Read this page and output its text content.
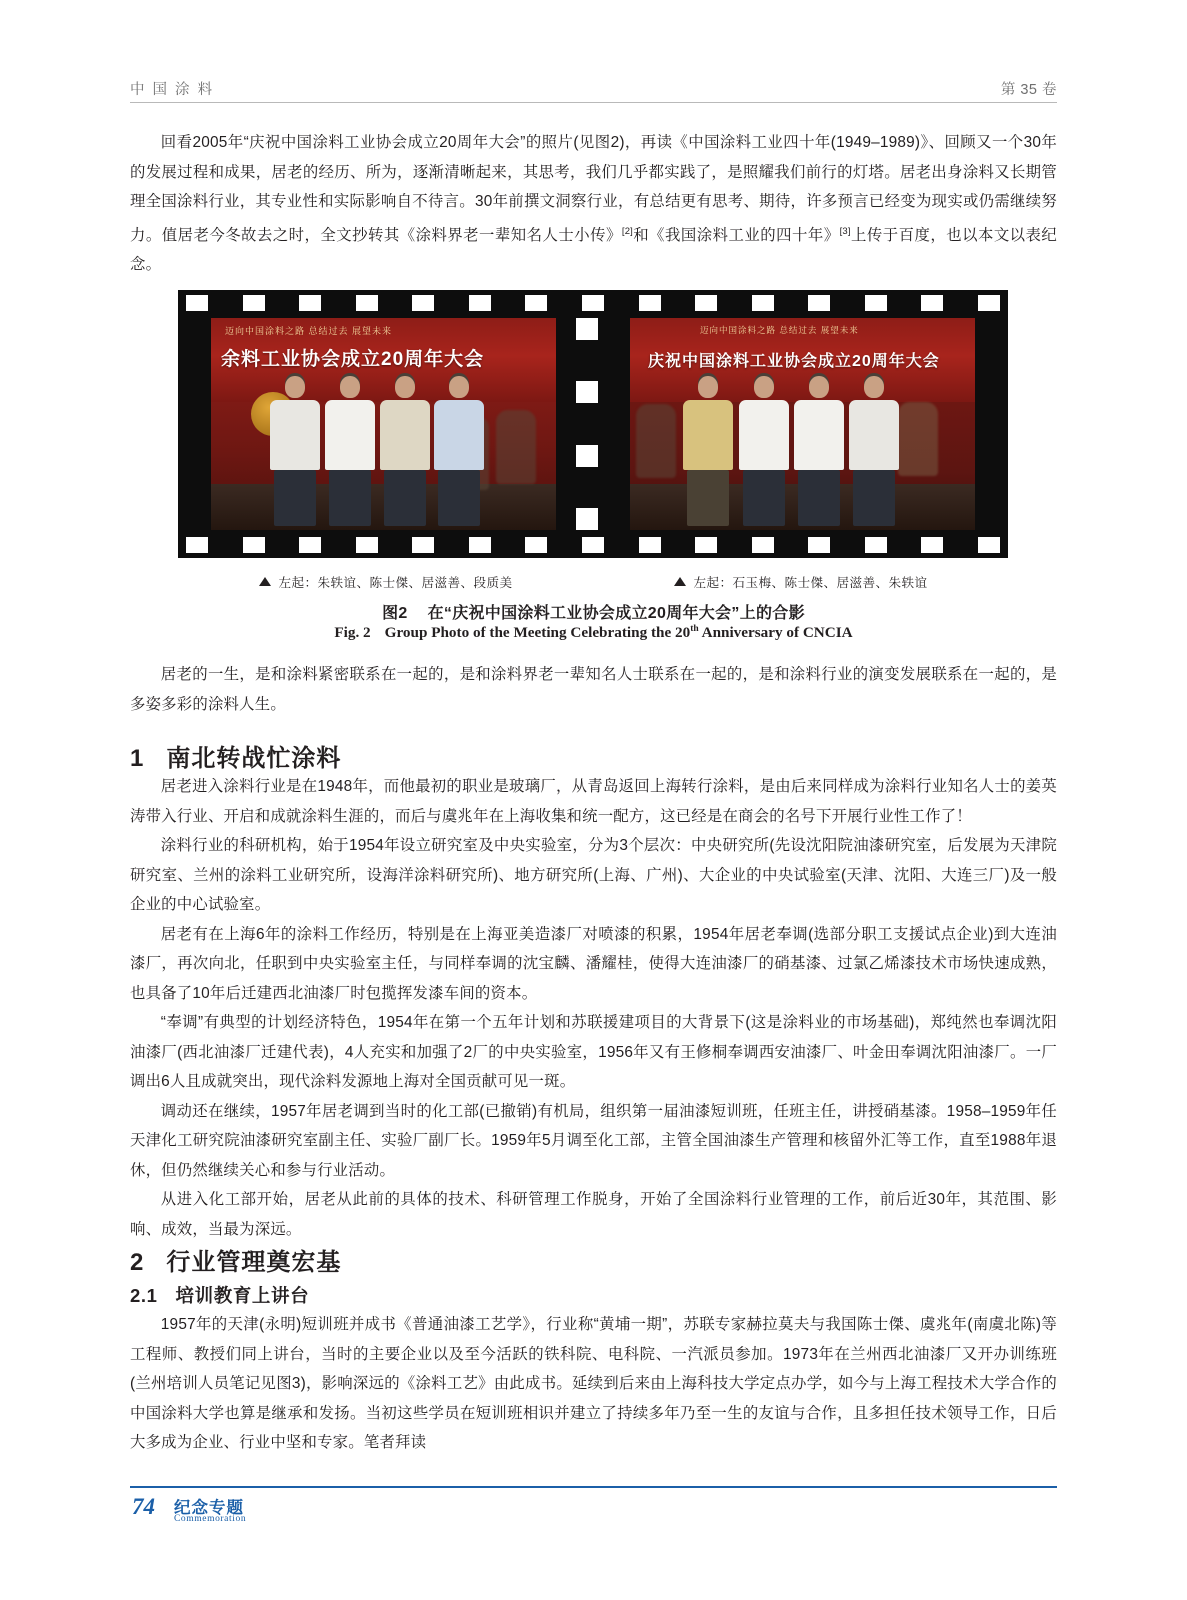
中 国 涂 料	第 35 卷

回看2005年“庆祝中国涂料工业协会成立20周年大会”的照片(见图2)，再读《中国涂料工业四十年(1949–1989)》、回顾又一个30年的发展过程和成果，居老的经历、所为，逐渐清晰起来，其思考，我们几乎都实践了，是照耀我们前行的灯塔。居老出身涂料又长期管理全国涂料行业，其专业性和实际影响自不待言。30年前撰文洞察行业，有总结更有思考、期待，许多预言已经变为现实或仍需继续努力。值居老今冬故去之时，全文抄转其《涂料界老一辈知名人士小传》[2]和《我国涂料工业的四十年》[3]上传于百度，也以本文以表纪念。

迈向中国涂料之路 总结过去 展望未来
余料工业协会成立20周年大会
迈向中国涂料之路 总结过去 展望未来
庆祝中国涂料工业协会成立20周年大会
左起：朱轶谊、陈士傑、居滋善、段质美	左起：石玉梅、陈士傑、居滋善、朱轶谊
图2 在“庆祝中国涂料工业协会成立20周年大会”上的合影
Fig. 2 Group Photo of the Meeting Celebrating the 20th Anniversary of CNCIA

居老的一生，是和涂料紧密联系在一起的，是和涂料界老一辈知名人士联系在一起的，是和涂料行业的演变发展联系在一起的，是多姿多彩的涂料人生。

1 南北转战忙涂料

居老进入涂料行业是在1948年，而他最初的职业是玻璃厂，从青岛返回上海转行涂料，是由后来同样成为涂料行业知名人士的姜英涛带入行业、开启和成就涂料生涯的，而后与虞兆年在上海收集和统一配方，这已经是在商会的名号下开展行业性工作了！

涂料行业的科研机构，始于1954年设立研究室及中央实验室，分为3个层次：中央研究所(先设沈阳院油漆研究室，后发展为天津院研究室、兰州的涂料工业研究所，设海洋涂料研究所)、地方研究所(上海、广州)、大企业的中央试验室(天津、沈阳、大连三厂)及一般企业的中心试验室。

居老有在上海6年的涂料工作经历，特别是在上海亚美造漆厂对喷漆的积累，1954年居老奉调(选部分职工支援试点企业)到大连油漆厂，再次向北，任职到中央实验室主任，与同样奉调的沈宝麟、潘耀桂，使得大连油漆厂的硝基漆、过氯乙烯漆技术市场快速成熟，也具备了10年后迁建西北油漆厂时包揽挥发漆车间的资本。

“奉调”有典型的计划经济特色，1954年在第一个五年计划和苏联援建项目的大背景下(这是涂料业的市场基础)，郑纯然也奉调沈阳油漆厂(西北油漆厂迁建代表)，4人充实和加强了2厂的中央实验室，1956年又有王修桐奉调西安油漆厂、叶金田奉调沈阳油漆厂。一厂调出6人且成就突出，现代涂料发源地上海对全国贡献可见一斑。

调动还在继续，1957年居老调到当时的化工部(已撤销)有机局，组织第一届油漆短训班，任班主任，讲授硝基漆。1958–1959年任天津化工研究院油漆研究室副主任、实验厂副厂长。1959年5月调至化工部，主管全国油漆生产管理和核留外汇等工作，直至1988年退休，但仍然继续关心和参与行业活动。

从进入化工部开始，居老从此前的具体的技术、科研管理工作脱身，开始了全国涂料行业管理的工作，前后近30年，其范围、影响、成效，当最为深远。

2 行业管理奠宏基
2.1 培训教育上讲台

1957年的天津(永明)短训班并成书《普通油漆工艺学》，行业称“黄埔一期”，苏联专家赫拉莫夫与我国陈士傑、虞兆年(南虞北陈)等工程师、教授们同上讲台，当时的主要企业以及至今活跃的铁科院、电科院、一汽派员参加。1973年在兰州西北油漆厂又开办训练班(兰州培训人员笔记见图3)，影响深远的《涂料工艺》由此成书。延续到后来由上海科技大学定点办学，如今与上海工程技术大学合作的中国涂料大学也算是继承和发扬。当初这些学员在短训班相识并建立了持续多年乃至一生的友谊与合作，且多担任技术领导工作，日后大多成为企业、行业中坚和专家。笔者拜读

74 纪念专题
Commemoration
